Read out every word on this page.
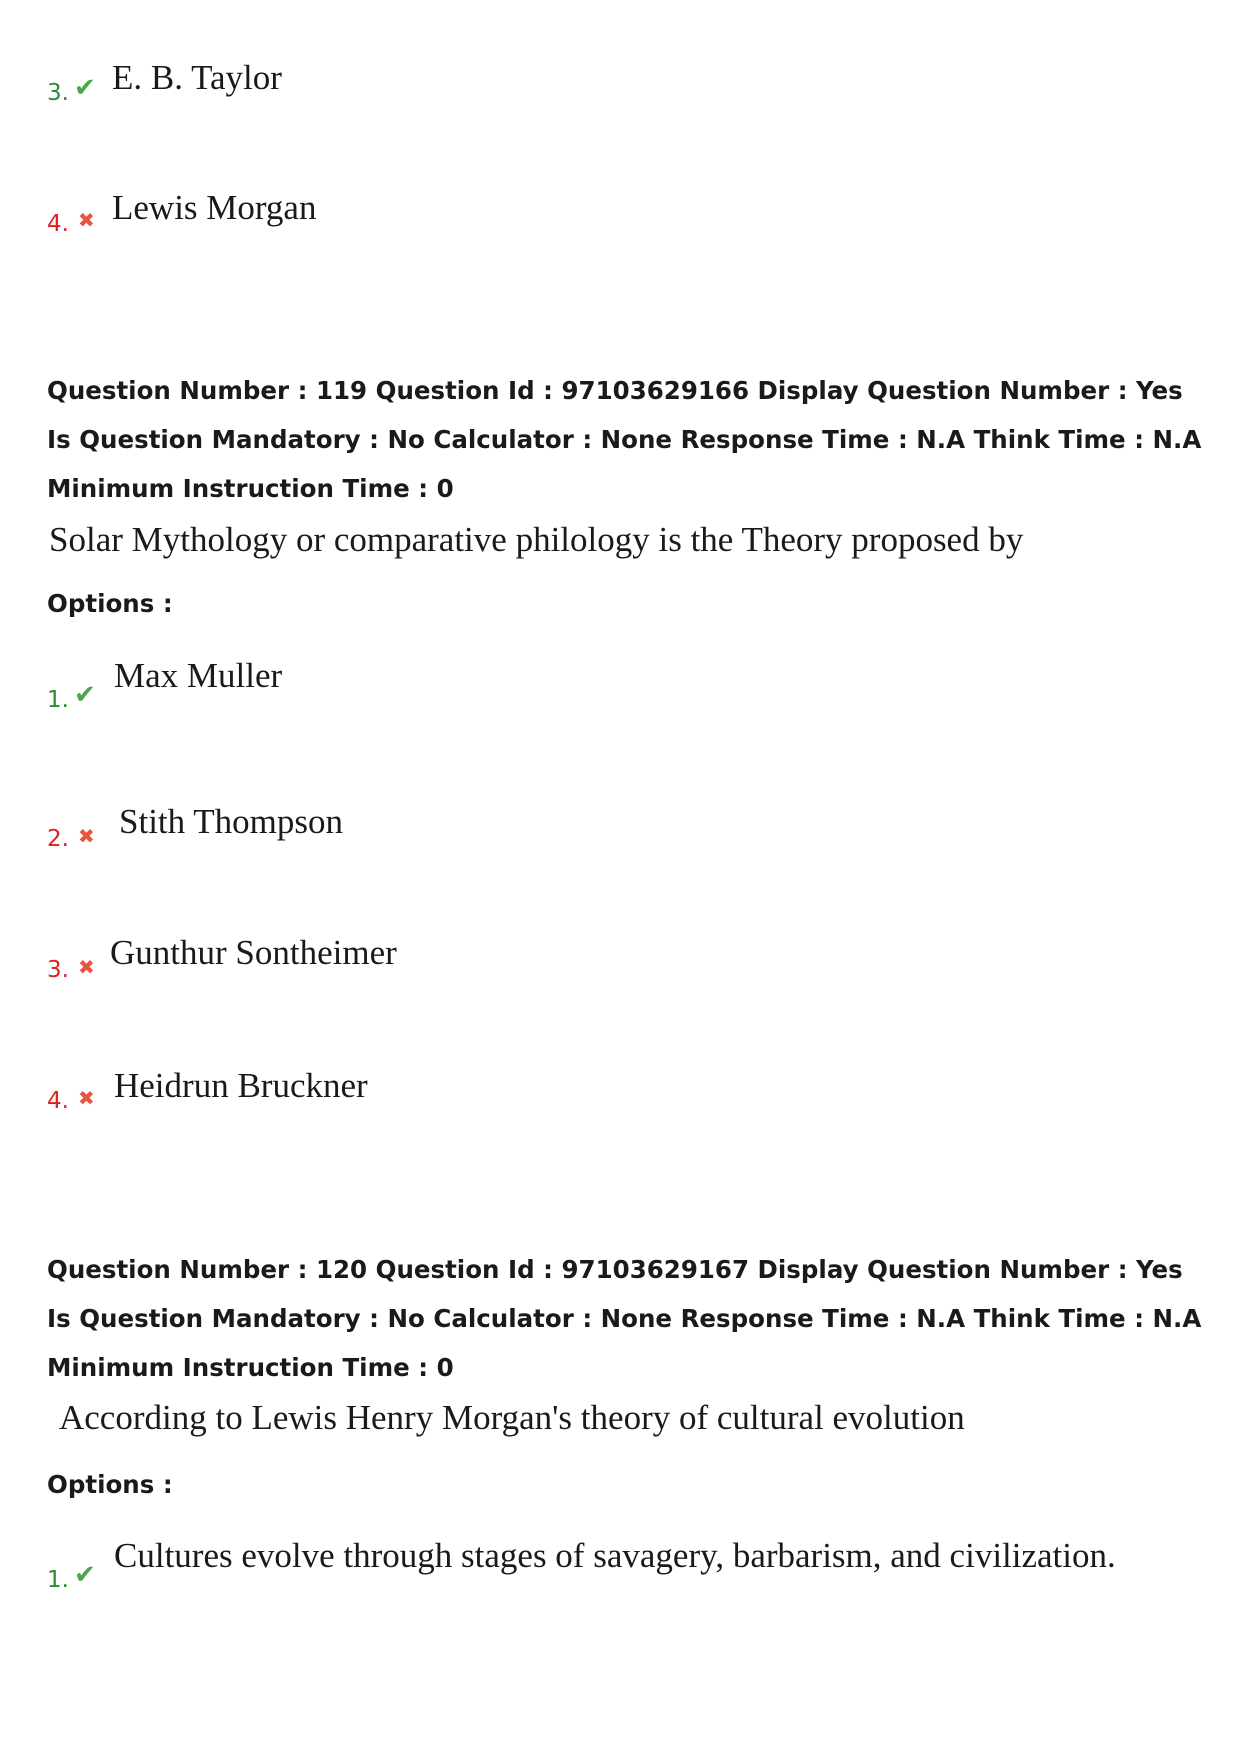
3. ✔ E. B. Taylor
4. ✖ Lewis Morgan

Question Number : 119 Question Id : 97103629166 Display Question Number : Yes Is Question Mandatory : No Calculator : None Response Time : N.A Think Time : N.A Minimum Instruction Time : 0

Solar Mythology or comparative philology is the Theory proposed by
Options :
1. ✔ Max Muller
2. ✖ Stith Thompson
3. ✖ Gunthur Sontheimer
4. ✖ Heidrun Bruckner

Question Number : 120 Question Id : 97103629167 Display Question Number : Yes Is Question Mandatory : No Calculator : None Response Time : N.A Think Time : N.A Minimum Instruction Time : 0

According to Lewis Henry Morgan's theory of cultural evolution
Options :
1. ✔ Cultures evolve through stages of savagery, barbarism, and civilization.
